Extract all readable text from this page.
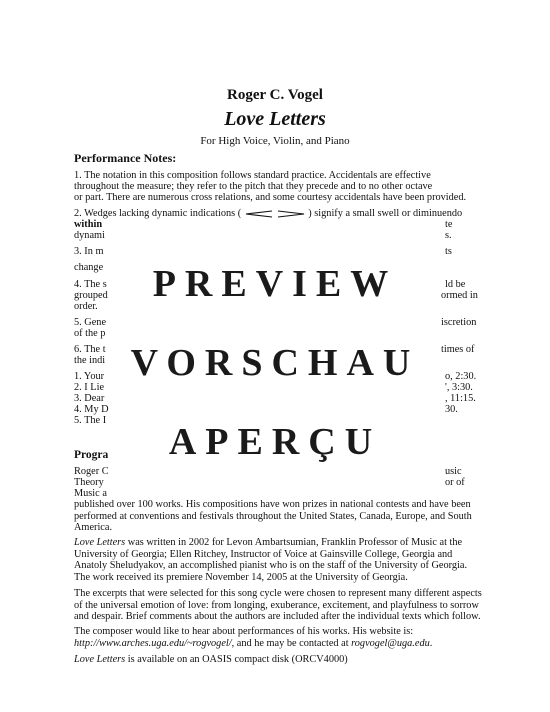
Roger C. Vogel

Love Letters

For High Voice, Violin, and Piano

Performance Notes:

1. The notation in this composition follows standard practice. Accidentals are effective
throughout the measure; they refer to the pitch that they precede and to no other octave
or part. There are numerous cross relations, and some courtesy accidentals have been provided.
2. Wedges lacking dynamic indications (	) signify a small swell or diminuendo

within	te

dynami	s.

3. In m	ts

change

4. The s	ld be

grouped	ormed in

order.

5. Gene	iscretion

of the p

6. The t	times of

the indi

1. Your	o, 2:30.

2. I Lie	', 3:30.

3. Dear	, 11:15.

4. My D	30.

5. The I

Progra

Roger C	usic

Theory	or of

Music a

published over 100 works. His compositions have won prizes in national contests and have been performed at conventions and festivals throughout the United States, Canada, Europe, and South America.

Love Letters was written in 2002 for Levon Ambartsumian, Franklin Professor of Music at the University of Georgia; Ellen Ritchey, Instructor of Voice at Gainsville College, Georgia and Anatoly Sheludyakov, an accomplished pianist who is on the staff of the University of Georgia. The work received its premiere November 14, 2005 at the University of Georgia.

The excerpts that were selected for this song cycle were chosen to represent many different aspects of the universal emotion of love: from longing, exuberance, excitement, and playfulness to sorrow and despair. Brief comments about the authors are included after the individual texts which follow.

The composer would like to hear about performances of his works. His website is:
http://www.arches.uga.edu/~rogvogel/, and he may be contacted at rogvogel@uga.edu.

Love Letters is available on an OASIS compact disk (ORCV4000)

PREVIEW
VORSCHAU
APERÇU
